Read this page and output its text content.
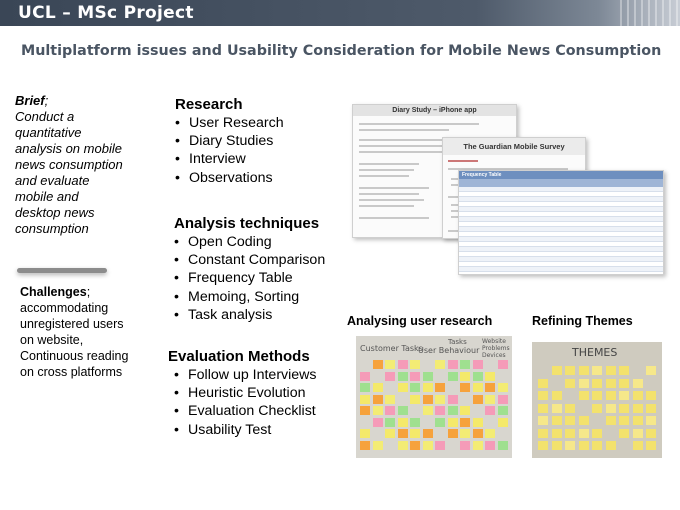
UCL – MSc Project
Multiplatform issues and Usability Consideration for Mobile News Consumption
Brief;
Conduct a quantitative analysis on mobile news consumption and evaluate mobile and desktop news consumption
Challenges; accommodating unregistered users on website, Continuous reading on cross platforms
Research
• User Research
• Diary Studies
• Interview
• Observations
Analysis techniques
• Open Coding
• Constant Comparison
• Frequency Table
• Memoing, Sorting
• Task analysis
Evaluation Methods
• Follow up Interviews
• Heuristic Evolution
• Evaluation Checklist
• Usability Test
Diary Study – iPhone app
The Guardian Mobile Survey
Frequency Table
Analysing user research	Refining Themes
Customer Tasks
User Behaviour
Tasks	Website Problems Devices	THEMES
